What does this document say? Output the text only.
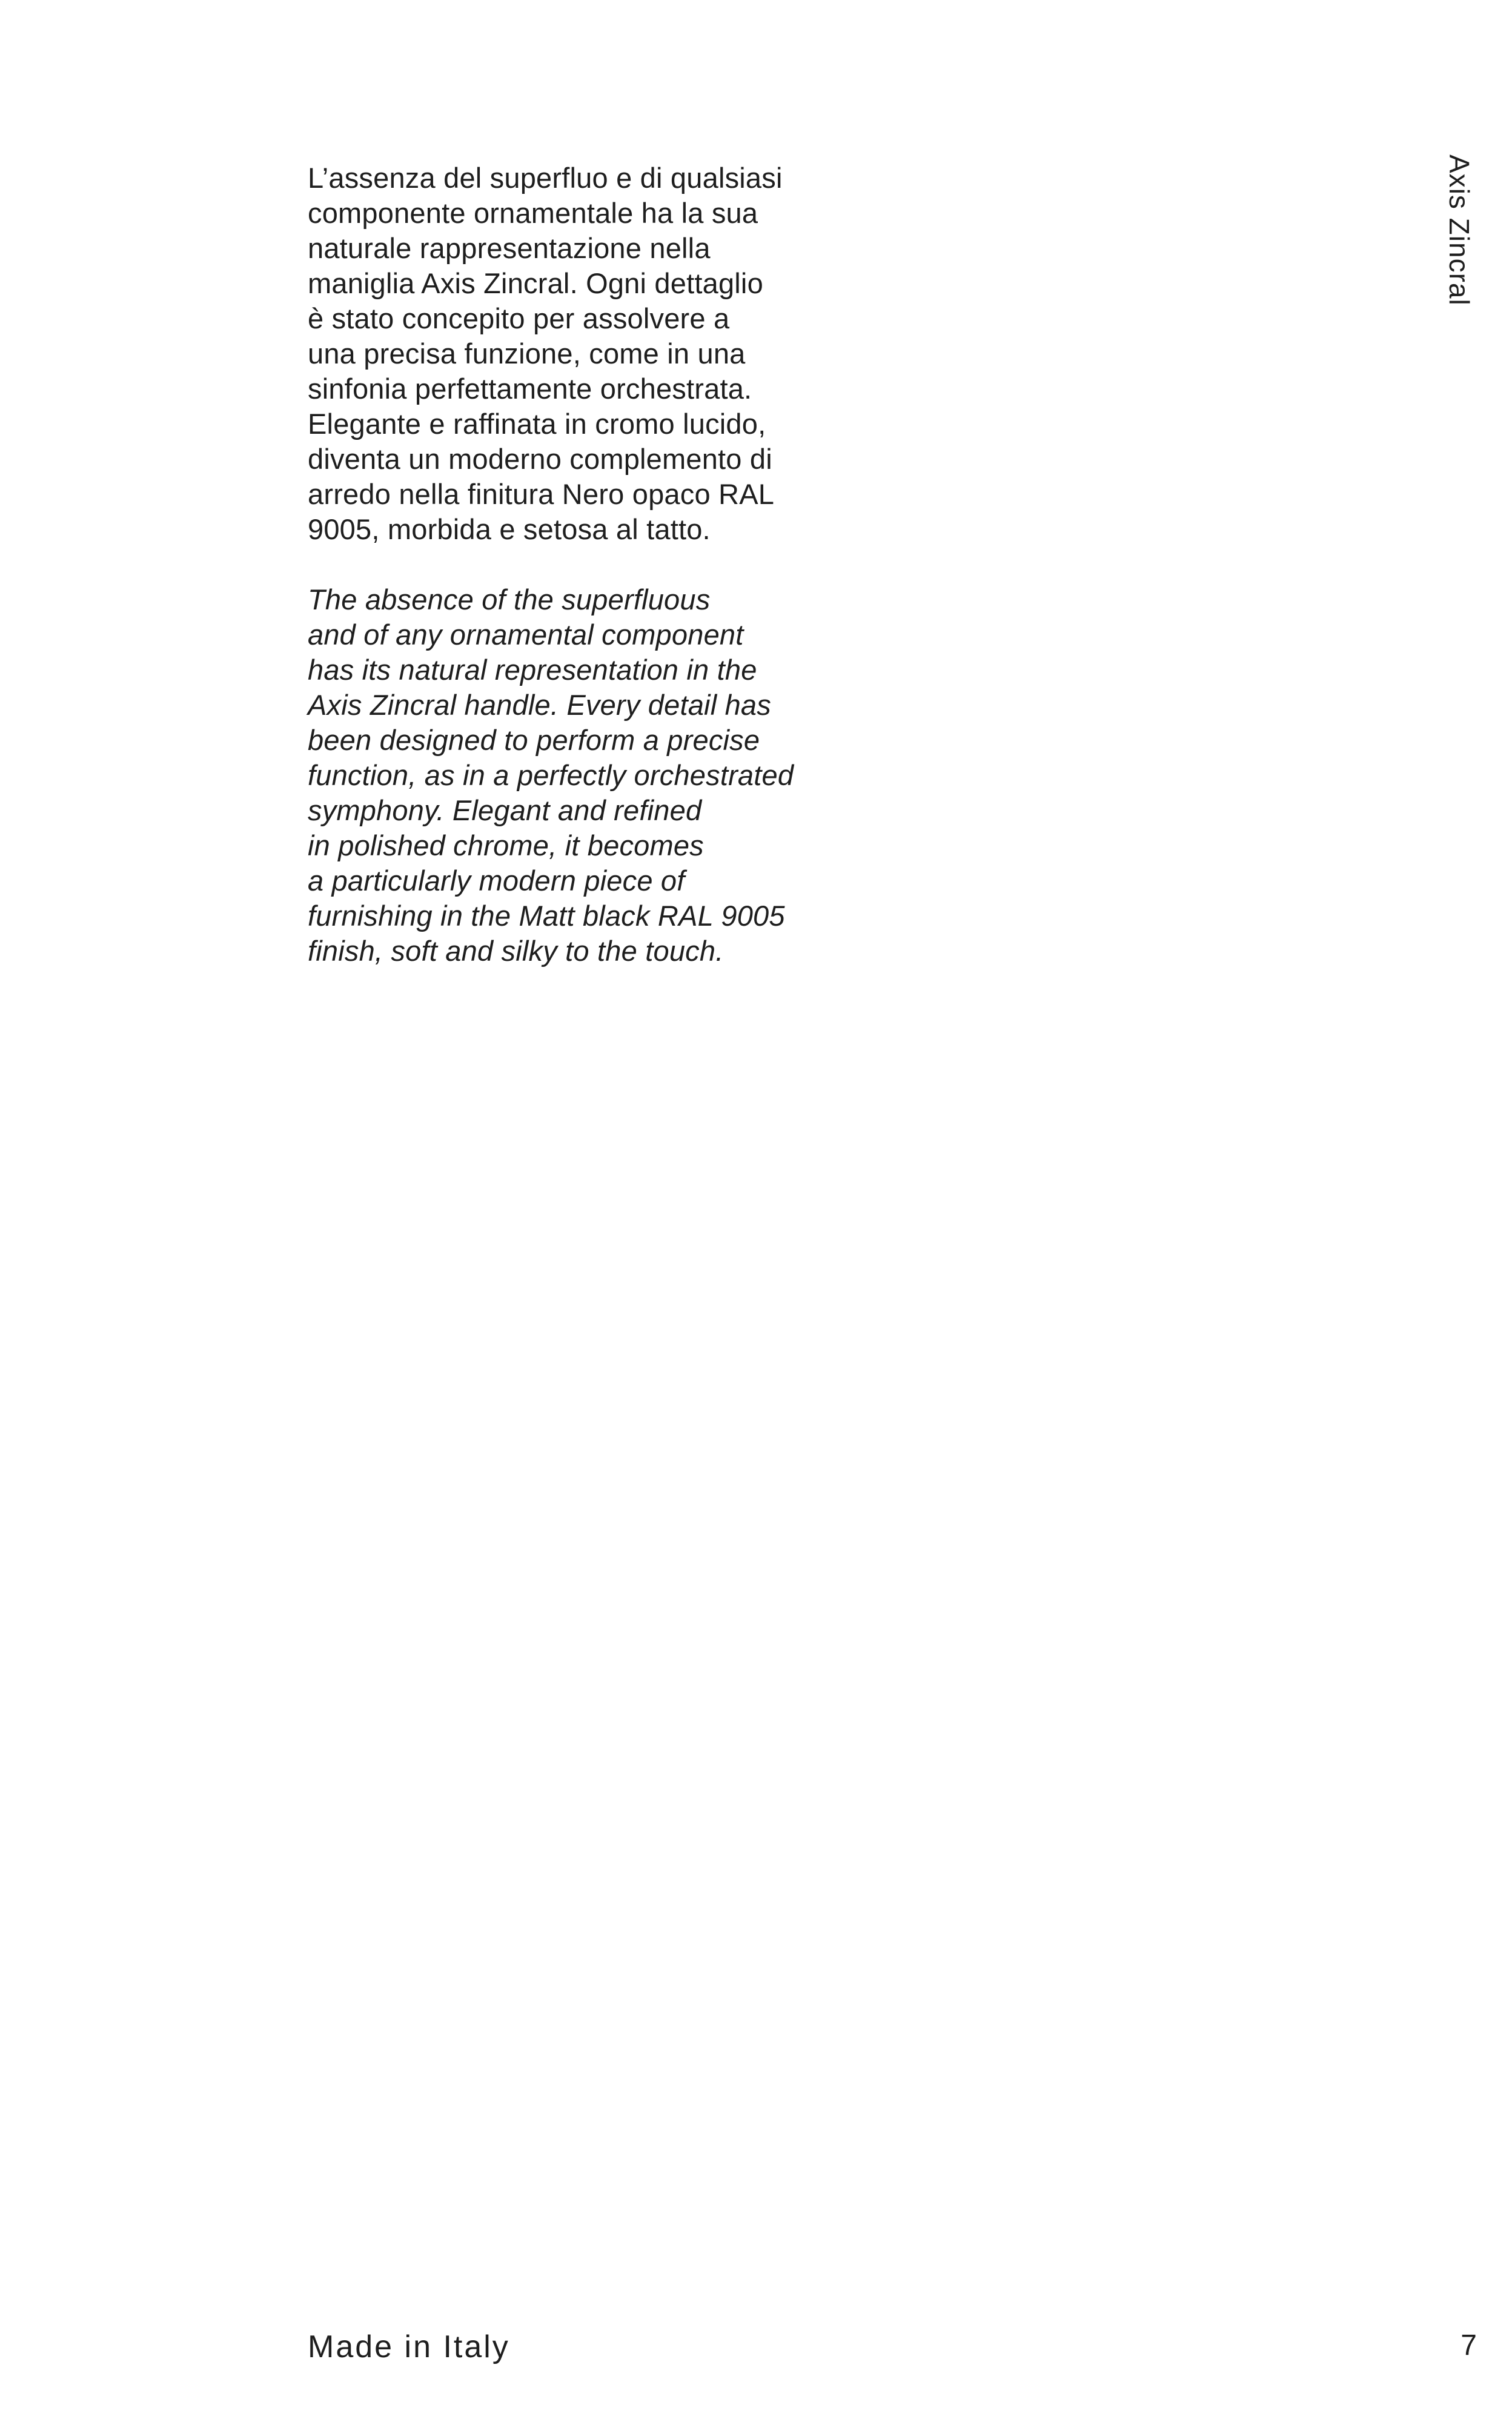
Axis Zincral

L’assenza del superfluo e di qualsiasi
componente ornamentale ha la sua
naturale rappresentazione nella
maniglia Axis Zincral. Ogni dettaglio
è stato concepito per assolvere a
una precisa funzione, come in una
sinfonia perfettamente orchestrata.
Elegante e raffinata in cromo lucido,
diventa un moderno complemento di
arredo nella finitura Nero opaco RAL
9005, morbida e setosa al tatto.

The absence of the superfluous
and of any ornamental component
has its natural representation in the
Axis Zincral handle. Every detail has
been designed to perform a precise
function, as in a perfectly orchestrated
symphony. Elegant and refined
in polished chrome, it becomes
a particularly modern piece of
furnishing in the Matt black RAL 9005
finish, soft and silky to the touch.

Made in Italy	7
